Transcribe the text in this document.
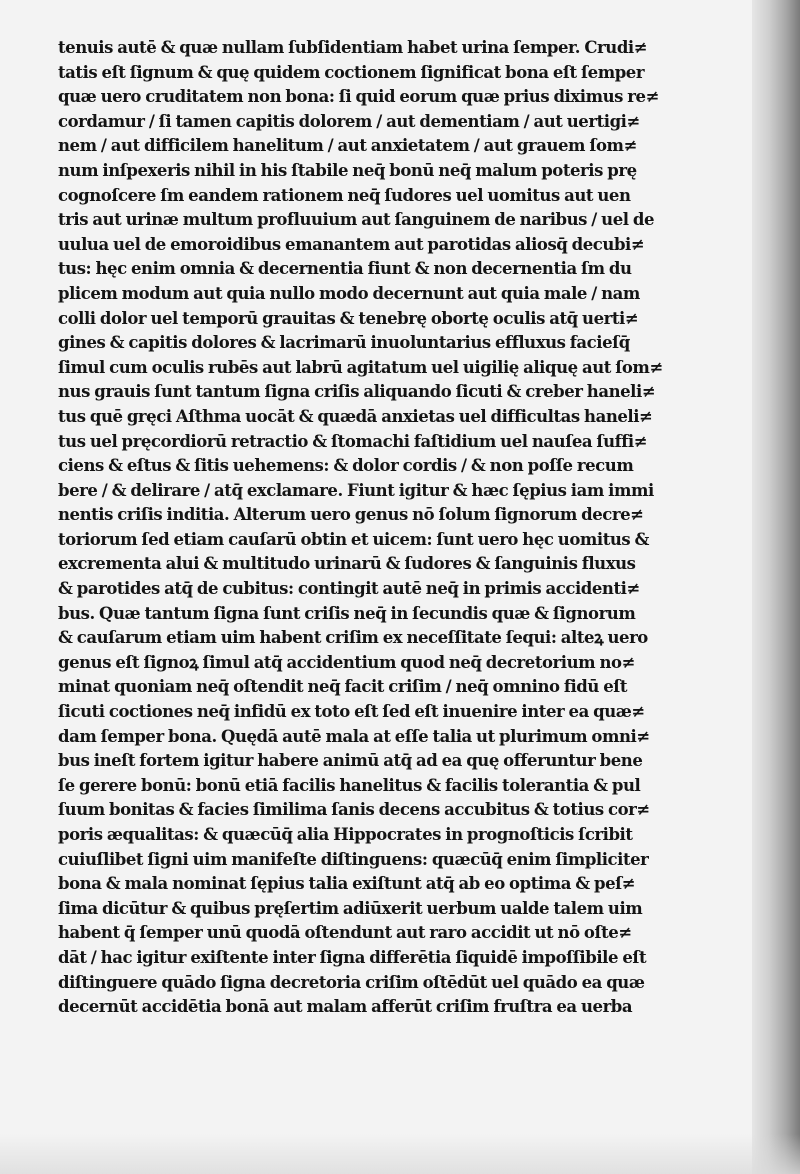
tenuis autē & quæ nullam ſubſidentiam habet urina ſemper. Crudi≠
tatis eſt ſignum & quę quidem coctionem ſignificat bona eſt ſemper
quæ uero cruditatem non bona: ſi quid eorum quæ prius diximus re≠
cordamur / ſi tamen capitis dolorem / aut dementiam / aut uertigi≠
nem / aut difficilem hanelitum / aut anxietatem / aut grauem ſom≠
num inſpexeris nihil in his ſtabile neq̄ bonū neq̄ malum poteris prę
cognoſcere ſm eandem rationem neq̄ ſudores uel uomitus aut uen
tris aut urinæ multum profluuium aut ſanguinem de naribus / uel de
uulua uel de emoroidibus emanantem aut parotidas aliosq̄ decubi≠
tus: hęc enim omnia & decernentia fiunt & non decernentia ſm du
plicem modum aut quia nullo modo decernunt aut quia male / nam
colli dolor uel temporū grauitas & tenebrę obortę oculis atq̄ uerti≠
gines & capitis dolores & lacrimarū inuoluntarius effluxus facieſq̄
ſimul cum oculis rubēs aut labrū agitatum uel uigilię aliquę aut ſom≠
nus grauis ſunt tantum ſigna criſis aliquando ſicuti & creber haneli≠
tus quē gręci Aſthma uocāt & quædā anxietas uel difficultas haneli≠
tus uel pręcordiorū retractio & ſtomachi faſtidium uel nauſea ſuffi≠
ciens & eſtus & ſitis uehemens: & dolor cordis / & non poſſe recum
bere / & delirare / atq̄ exclamare. Fiunt igitur & hæc ſępius iam immi
nentis criſis inditia. Alterum uero genus nō ſolum ſignorum decre≠
toriorum ſed etiam cauſarū obtin et uicem: ſunt uero hęc uomitus &
excrementa alui & multitudo urinarū & ſudores & ſanguinis fluxus
& parotides atq̄ de cubitus: contingit autē neq̄ in primis accidenti≠
bus. Quæ tantum ſigna ſunt criſis neq̄ in ſecundis quæ & ſignorum
& cauſarum etiam uim habent criſim ex neceſſitate ſequi: alteꝝ uero
genus eſt ſignoꝝ ſimul atq̄ accidentium quod neq̄ decretorium no≠
minat quoniam neq̄ oſtendit neq̄ facit criſim / neq̄ omnino fidū eſt
ſicuti coctiones neq̄ infidū ex toto eſt ſed eſt inuenire inter ea quæ≠
dam ſemper bona. Quędā autē mala at eſſe talia ut plurimum omni≠
bus ineſt fortem igitur habere animū atq̄ ad ea quę offeruntur bene
ſe gerere bonū: bonū etiā facilis hanelitus & facilis tolerantia & pul
ſuum bonitas & facies ſimilima ſanis decens accubitus & totius cor≠
poris æqualitas: & quæcūq̄ alia Hippocrates in prognoſticis ſcribit
cuiuſlibet ſigni uim manifeſte diſtinguens: quæcūq̄ enim ſimpliciter
bona & mala nominat ſępius talia exiſtunt atq̄ ab eo optima & peſ≠
ſima dicūtur & quibus pręſertim adiūxerit uerbum ualde talem uim
habent q̄ ſemper unū quodā oſtendunt aut raro accidit ut nō oſte≠
dāt / hac igitur exiſtente inter ſigna differētia ſiquidē impoſſibile eſt
diſtinguere quādo ſigna decretoria criſim oſtēdūt uel quādo ea quæ
decernūt accidētia bonā aut malam afferūt criſim fruſtra ea uerba
